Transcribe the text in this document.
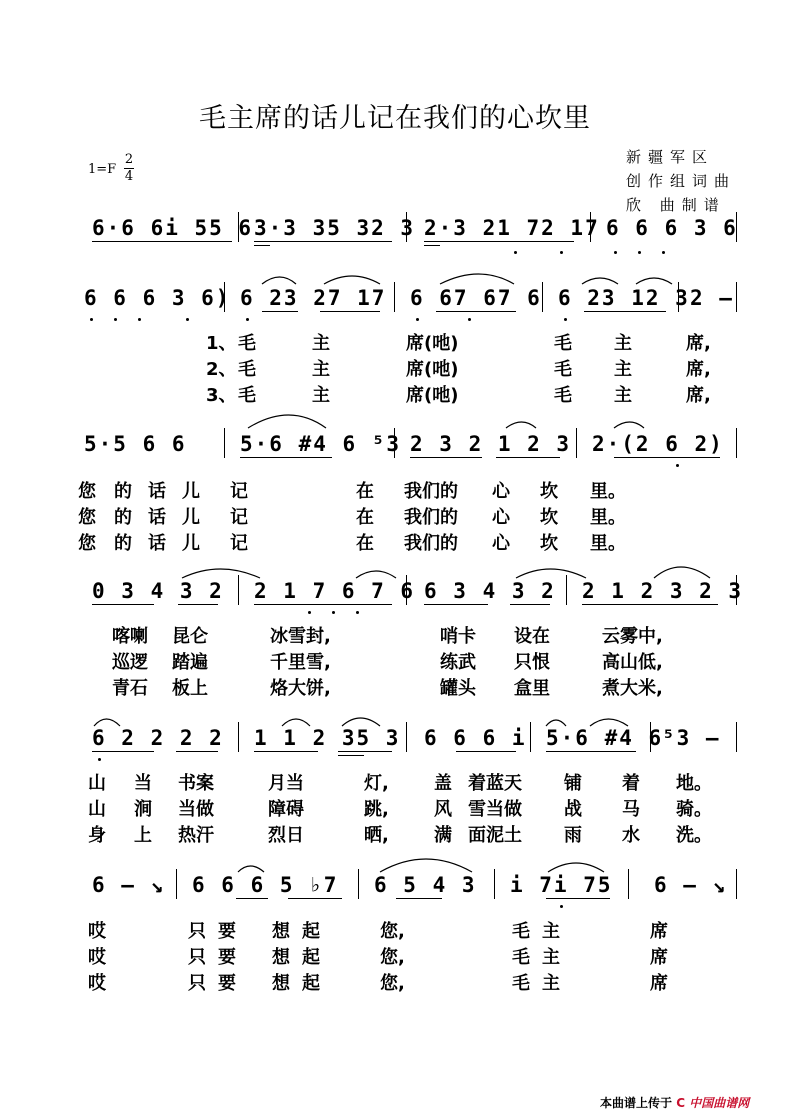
毛主席的话儿记在我们的心坎里
1=F
2
4
新疆军区
创作组词曲
欣 曲制谱
6·6 6i 55 6 3·3 35 32 3 2·3 21 72 17 6 6 6 3 6
6 6 6 3 6) 6 23 27 17 6 67 67 6 6 23 12 3 2 –
1、 毛	主	席(吔)	毛 主	席,
2、 毛	主	席(吔)	毛 主	席,
3、 毛	主	席(吔)	毛 主	席,
5·5 6 6	5·6 #4 6 ⁵3 2 3 2 1 2 3 2·(2 6 2)
您 的 话 儿 记	在 我们的 心 坎 里。
您 的 话 儿 记	在 我们的 心 坎 里。
您 的 话 儿 记	在 我们的 心 坎 里。
0 3 4 3 2 2 1 7 6 7 6 6 3 4 3 2 2 1 2 3 2 3
喀喇 昆仑	冰雪封,	哨卡 设在	云雾中,
巡逻 踏遍	千里雪,	练武 只恨	高山低,
青石 板上	烙大饼,	罐头 盒里	煮大米,
6 2 2 2 2 1 1 2 35 3 6 6 6 i 5·6 #4 6
⁵3 –
山 当 书案	月当	灯,	盖 着蓝天 铺 着 地。
山 涧 当做	障碍	跳,	风 雪当做 战 马 骑。
身 上 热汗	烈日	晒,	满 面泥土 雨 水 洗。
6 – ↘ 6 6 6 5 ♭7 6 5 4 3 i 7i 75 6 – ↘
哎	只要 想起	您,	毛主	席
哎	只要 想起	您,	毛主	席
哎	只要 想起	您,	毛主	席
本曲谱上传于 C 中国曲谱网
